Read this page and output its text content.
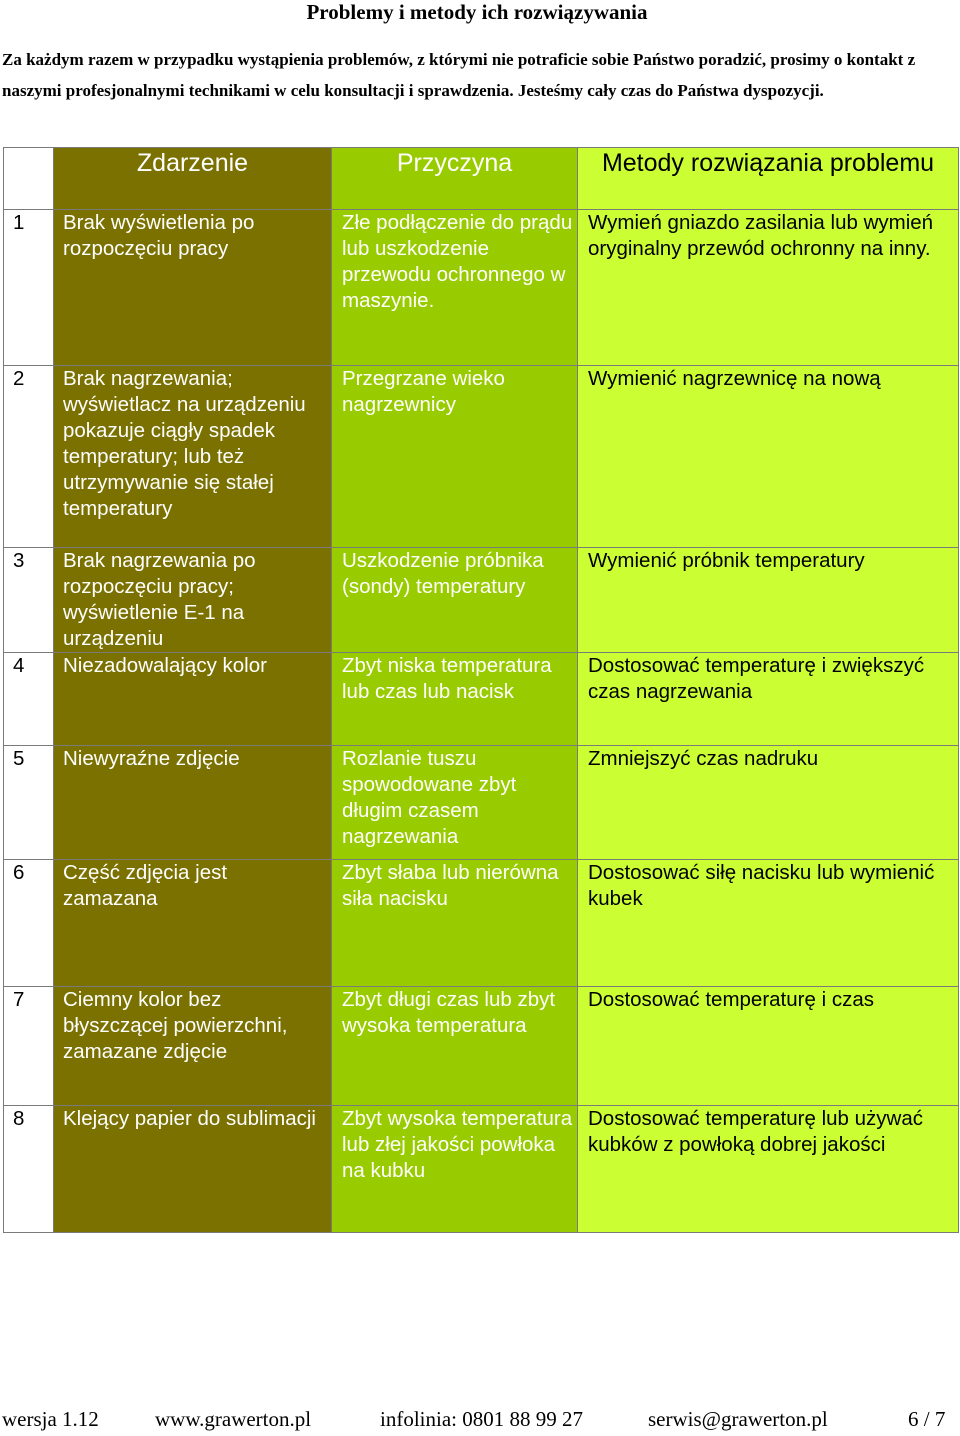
Problemy i metody ich rozwiązywania
Za każdym razem w przypadku wystąpienia problemów, z którymi nie potraficie sobie Państwo poradzić, prosimy o kontakt z naszymi profesjonalnymi technikami w celu konsultacji i sprawdzenia. Jesteśmy cały czas do Państwa dyspozycji.
	Zdarzenie	Przyczyna	Metody rozwiązania problemu
1	Brak wyświetlenia po rozpoczęciu pracy	Złe podłączenie do prądu lub uszkodzenie przewodu ochronnego w maszynie.	Wymień gniazdo zasilania lub wymień oryginalny przewód ochronny na inny.
2	Brak nagrzewania; wyświetlacz na urządzeniu pokazuje ciągły spadek temperatury; lub też utrzymywanie się stałej temperatury	Przegrzane wieko nagrzewnicy	Wymienić nagrzewnicę na nową
3	Brak nagrzewania po rozpoczęciu pracy; wyświetlenie E-1 na urządzeniu	Uszkodzenie próbnika (sondy) temperatury	Wymienić próbnik temperatury
4	Niezadowalający kolor	Zbyt niska temperatura lub czas lub nacisk	Dostosować temperaturę i zwiększyć czas nagrzewania
5	Niewyraźne zdjęcie	Rozlanie tuszu spowodowane zbyt długim czasem nagrzewania	Zmniejszyć czas nadruku
6	Część zdjęcia jest zamazana	Zbyt słaba lub nierówna siła nacisku	Dostosować siłę nacisku lub wymienić kubek
7	Ciemny kolor bez błyszczącej powierzchni, zamazane zdjęcie	Zbyt długi czas lub zbyt wysoka temperatura	Dostosować temperaturę i czas
8	Klejący papier do sublimacji	Zbyt wysoka temperatura lub złej jakości powłoka na kubku	Dostosować temperaturę lub używać kubków z powłoką dobrej jakości
wersja 1.12	www.grawerton.pl	infolinia: 0801 88 99 27	serwis@grawerton.pl	6 / 7
